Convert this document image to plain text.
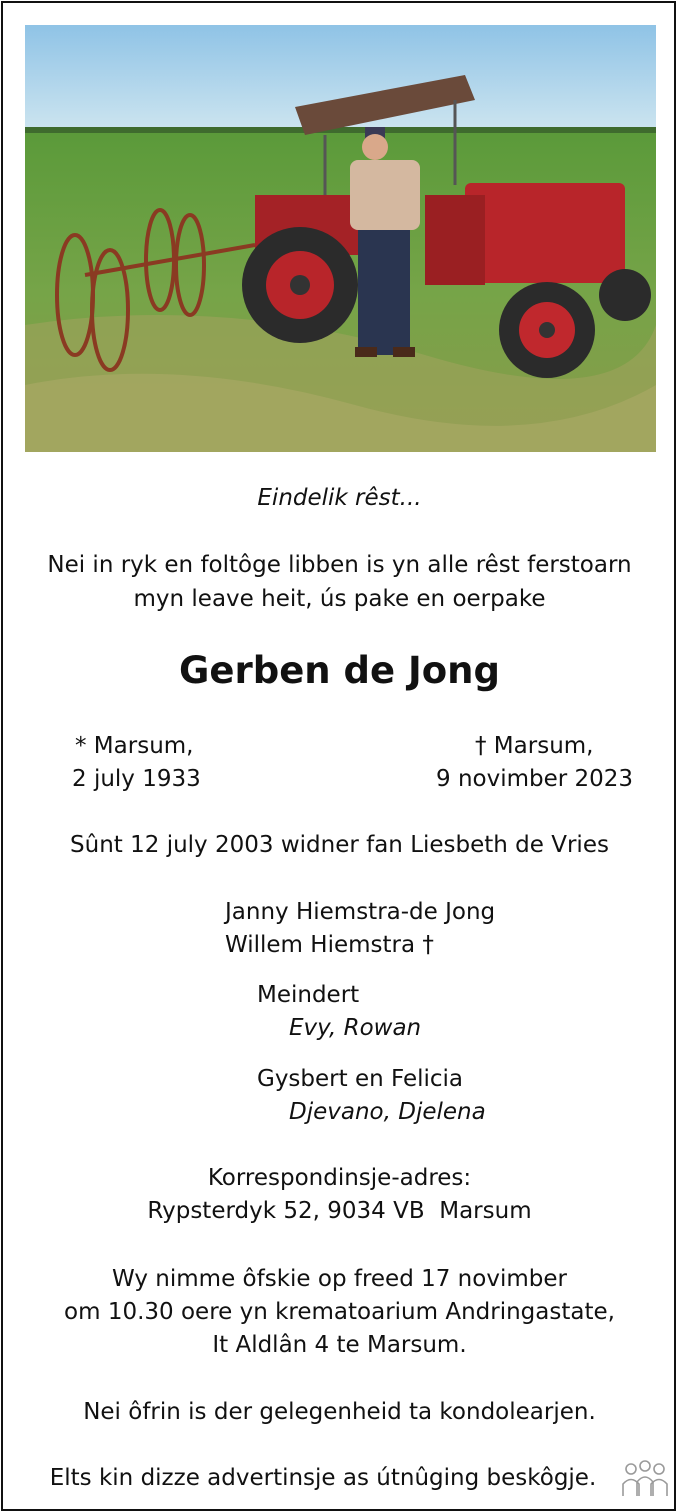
Eindelik rêst...
Nei in ryk en foltôge libben is yn alle rêst ferstoarn
myn leave heit, ús pake en oerpake
Gerben de Jong
* Marsum,
2 july 1933
† Marsum,
9 novimber 2023
Sûnt 12 july 2003 widner fan Liesbeth de Vries
Janny Hiemstra-de Jong
Willem Hiemstra †
Meindert
Evy, Rowan
Gysbert en Felicia
Djevano, Djelena
Korrespondinsje-adres:
Rypsterdyk 52, 9034 VB  Marsum
Wy nimme ôfskie op freed 17 novimber
om 10.30 oere yn krematoarium Andringastate,
It Aldlân 4 te Marsum.
Nei ôfrin is der gelegenheid ta kondolearjen.
Elts kin dizze advertinsje as útnûging beskôgje.
